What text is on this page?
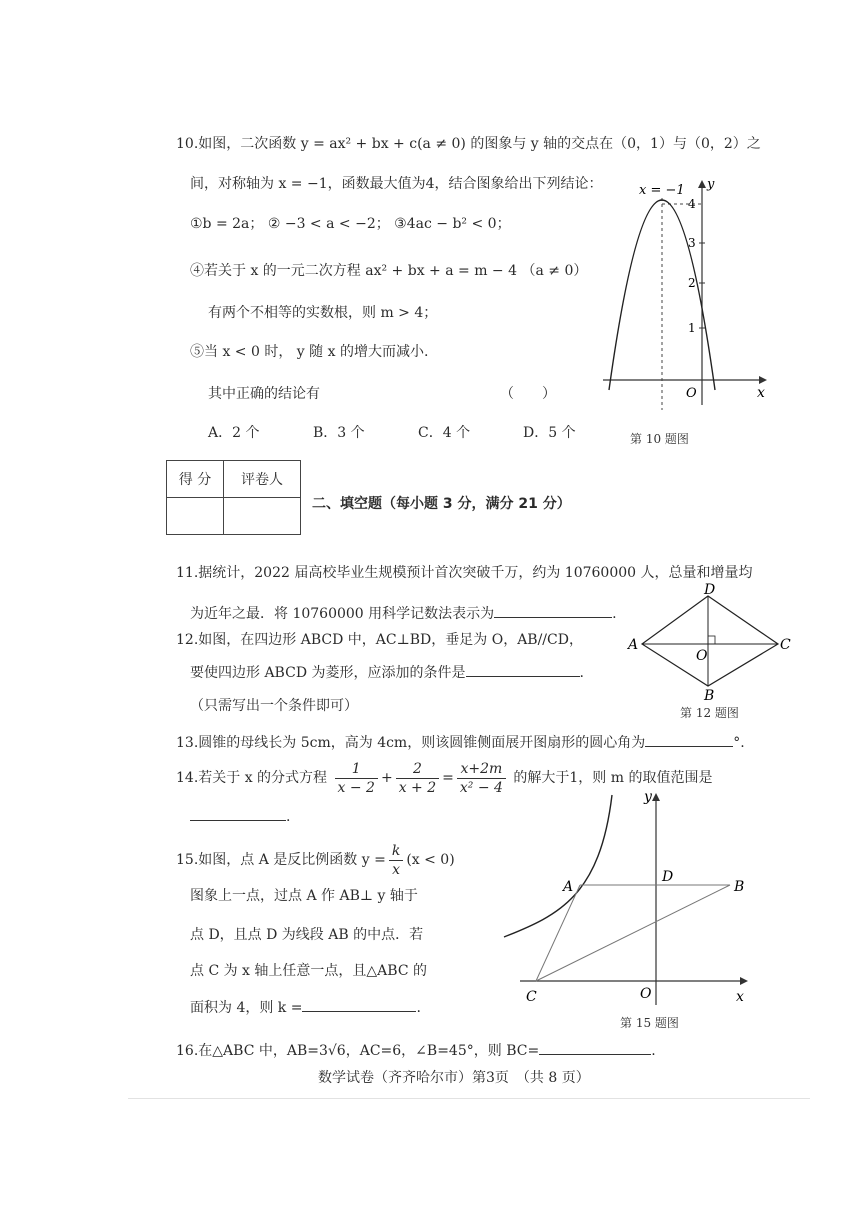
10.如图，二次函数 y = ax² + bx + c(a ≠ 0) 的图象与 y 轴的交点在（0，1）与（0，2）之
间，对称轴为 x = −1，函数最大值为4，结合图象给出下列结论：
①b = 2a； ② −3 < a < −2； ③4ac − b² < 0；
④若关于 x 的一元二次方程 ax² + bx + a = m − 4 （a ≠ 0）
有两个不相等的实数根，则 m > 4；
⑤当 x < 0 时， y 随 x 的增大而减小.
其中正确的结论有	（　　）
A．2 个	B．3 个	C．4 个	D．5 个
x = −1
4
3
2
1
y
x
O
第 10 题图
得 分	评卷人

二、填空题（每小题 3 分，满分 21 分）
11.据统计，2022 届高校毕业生规模预计首次突破千万，约为 10760000 人，总量和增量均
为近年之最．将 10760000 用科学记数法表示为	.
12.如图，在四边形 ABCD 中，AC⊥BD，垂足为 O，AB//CD，
要使四边形 ABCD 为菱形，应添加的条件是	.
（只需写出一个条件即可）
A
D
C
B
O
第 12 题图
13.圆锥的母线长为 5cm，高为 4cm，则该圆锥侧面展开图扇形的圆心角为	°.
14.若关于 x 的分式方程 $\frac{1}{x - 2} + \frac{2}{x + 2} = \frac{x+2m}{\text{x² − 4}}$ 的解大于1，则 m 的取值范围是
.
15.如图，点 A 是反比例函数 $y = \frac{k}{x} (x < 0)$
图象上一点，过点 A 作 AB⊥ y 轴于
点 D，且点 D 为线段 AB 的中点．若
点 C 为 x 轴上任意一点，且△ABC 的
面积为 4，则 k =	.
A	B
D
C	O	x
y
第 15 题图
16.在△ABC 中，AB=3√6，AC=6，∠B=45°，则 BC=	.
数学试卷（齐齐哈尔市）第3页　（共 8 页）
